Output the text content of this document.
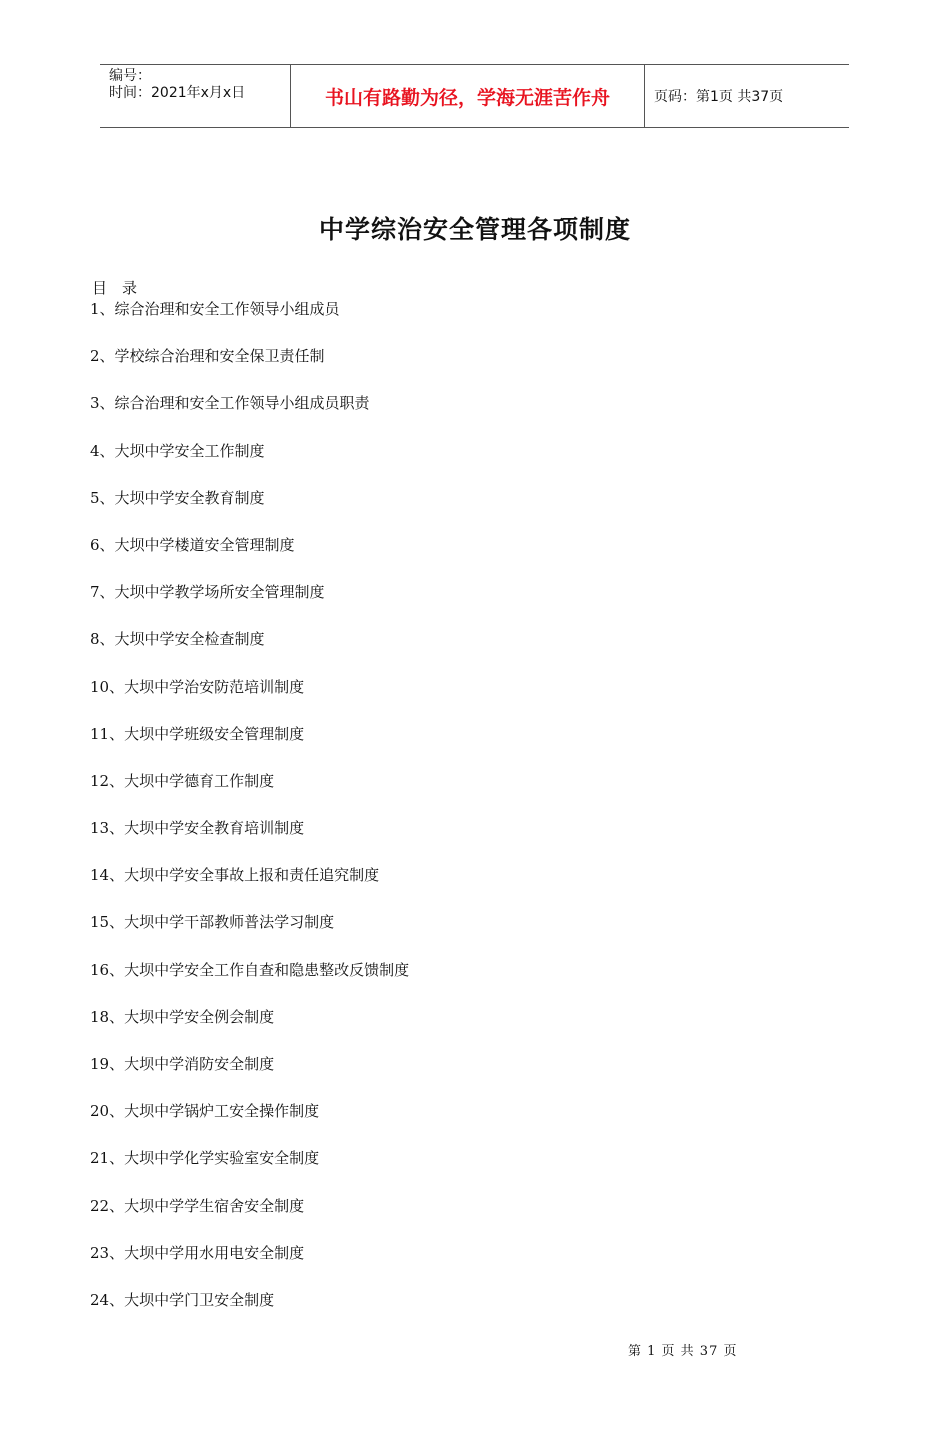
编号：
时间：2021年x月x日	书山有路勤为径，学海无涯苦作舟	页码：第1页 共37页
中学综治安全管理各项制度
目　录
1、综合治理和安全工作领导小组成员
2、学校综合治理和安全保卫责任制
3、综合治理和安全工作领导小组成员职责
4、大坝中学安全工作制度
5、大坝中学安全教育制度
6、大坝中学楼道安全管理制度
7、大坝中学教学场所安全管理制度
8、大坝中学安全检查制度
10、大坝中学治安防范培训制度
11、大坝中学班级安全管理制度
12、大坝中学德育工作制度
13、大坝中学安全教育培训制度
14、大坝中学安全事故上报和责任追究制度
15、大坝中学干部教师普法学习制度
16、大坝中学安全工作自查和隐患整改反馈制度
18、大坝中学安全例会制度
19、大坝中学消防安全制度
20、大坝中学锅炉工安全操作制度
21、大坝中学化学实验室安全制度
22、大坝中学学生宿舍安全制度
23、大坝中学用水用电安全制度
24、大坝中学门卫安全制度
第 1 页 共 37 页
